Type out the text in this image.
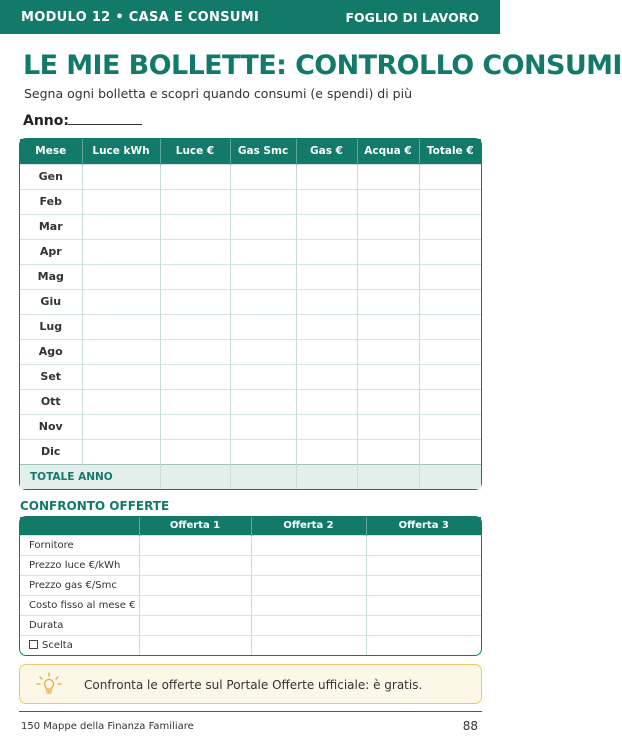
MODULO 12 • CASA E CONSUMI	FOGLIO DI LAVORO
LE MIE BOLLETTE: CONTROLLO CONSUMI
Segna ogni bolletta e scopri quando consumi (e spendi) di più
Anno:
Mese	Luce kWh	Luce €	Gas Smc	Gas €	Acqua €	Totale €
Gen						
Feb						
Mar						
Apr						
Mag						
Giu						
Lug						
Ago						
Set						
Ott						
Nov						
Dic						
TOTALE ANNO						
CONFRONTO OFFERTE
	Offerta 1	Offerta 2	Offerta 3
Fornitore			
Prezzo luce €/kWh			
Prezzo gas €/Smc			
Costo fisso al mese €			
Durata			
Scelta			
Confronta le offerte sul Portale Offerte ufficiale: è gratis.
150 Mappe della Finanza Familiare	88
